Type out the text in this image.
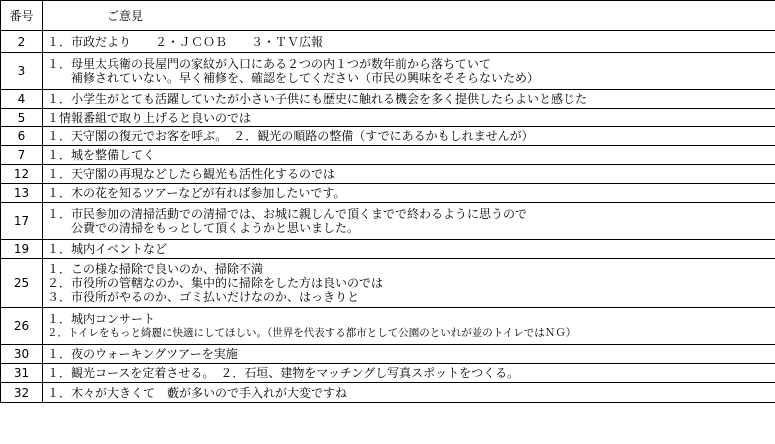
番号	ご意見
2	１．市政だより　　２・ＪＣＯＢ　　３・ＴＶ広報

3	１．母里太兵衛の長屋門の家紋が入口にある２つの内１つが数年前から落ちていて
　　補修されていない。早く補修を、確認をしてください（市民の興味をそそらないため）

4	１．小学生がとても活躍していたが小さい子供にも歴史に触れる機会を多く提供したらよいと感じた

5	１情報番組で取り上げると良いのでは

6	１．天守閣の復元でお客を呼ぶ。　２．観光の順路の整備（すでにあるかもしれませんが）

7	１．城を整備してく

12	１．天守閣の再現などしたら観光も活性化するのでは

13	１．木の花を知るツアーなどが有れば参加したいです。

17	１．市民参加の清掃活動での清掃では、お城に親しんで頂くまでで終わるように思うので
　　公費での清掃をもっとして頂くようかと思いました。

19	１．城内イベントなど

25	１．この様な掃除で良いのか、掃除不満
２．市役所の管轄なのか、集中的に掃除をした方は良いのでは
３．市役所がやるのか、ゴミ払いだけなのか、はっきりと

26	１．城内コンサート
２．トイレをもっと綺麗に快適にしてほしい。（世界を代表する都市として公園のといれが並のトイレではＮＧ）

30	１．夜のウォーキングツアーを実施

31	１．観光コースを定着させる。　２．石垣、建物をマッチングし写真スポットをつくる。

32	１．木々が大きくて　藪が多いので手入れが大変ですね
